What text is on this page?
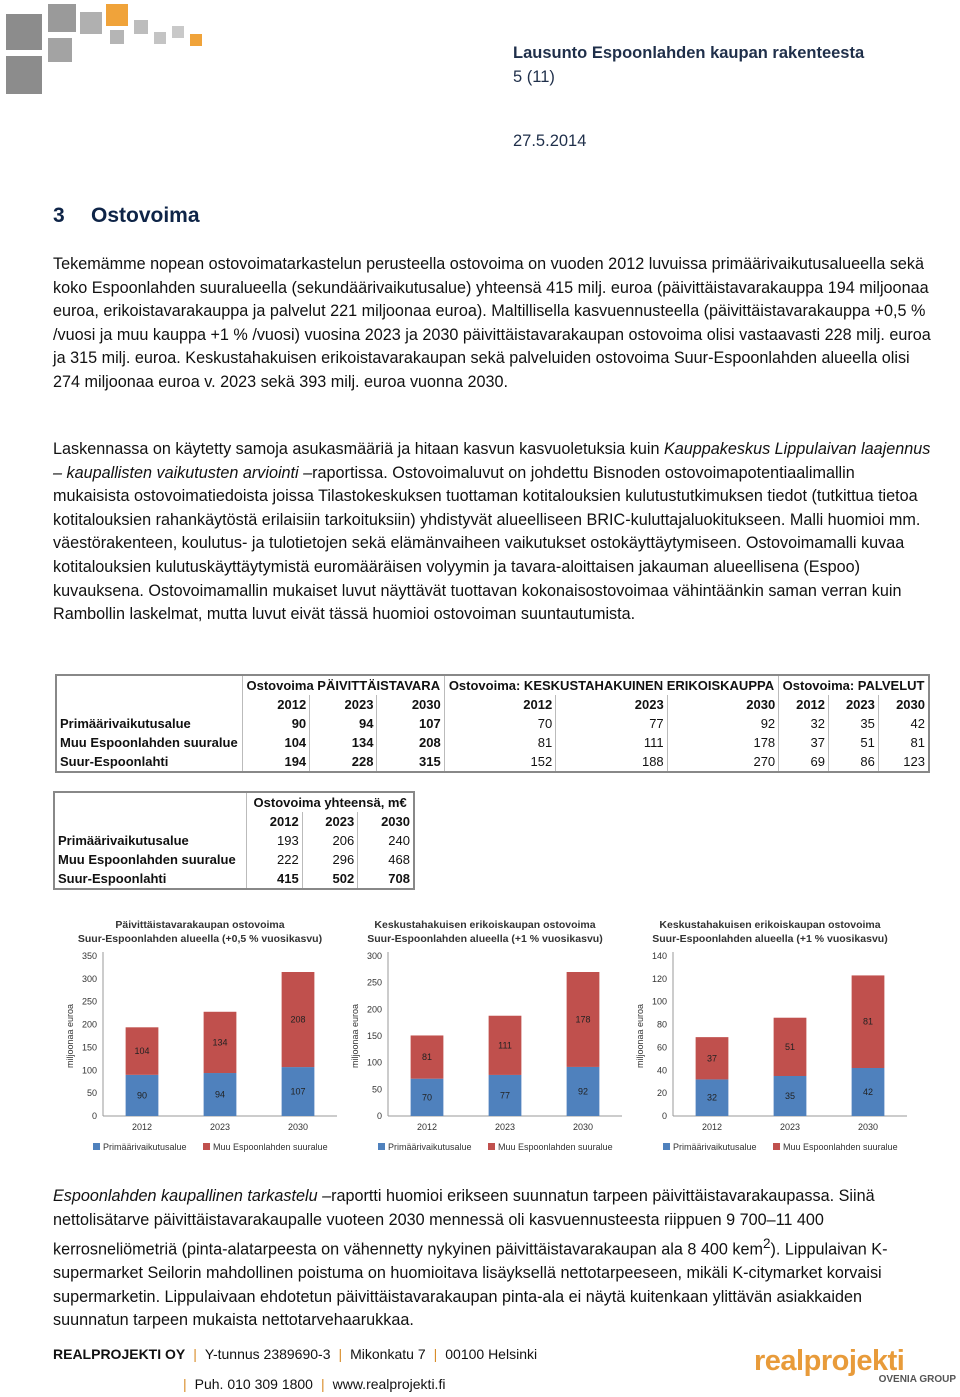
Lausunto Espoonlahden kaupan rakenteesta
5 (11)
27.5.2014
3 Ostovoima

Tekemämme nopean ostovoimatarkastelun perusteella ostovoima on vuoden 2012 luvuissa primäärivaikutusalueella sekä koko Espoonlahden suuralueella (sekundäärivaikutusalue) yhteensä 415 milj. euroa (päivittäistavarakauppa 194 miljoonaa euroa, erikoistavarakauppa ja palvelut 221 miljoonaa euroa). Maltillisella kasvuennusteella (päivittäistavarakauppa +0,5 % /vuosi ja muu kauppa +1 % /vuosi) vuosina 2023 ja 2030 päivittäistavarakaupan ostovoima olisi vastaavasti 228 milj. euroa ja 315 milj. euroa. Keskustahakuisen erikoistavarakaupan sekä palveluiden ostovoima Suur-Espoonlahden alueella olisi 274 miljoonaa euroa v. 2023 sekä 393 milj. euroa vuonna 2030.

Laskennassa on käytetty samoja asukasmääriä ja hitaan kasvun kasvuoletuksia kuin Kauppakeskus Lippulaivan laajennus – kaupallisten vaikutusten arviointi –raportissa. Ostovoimaluvut on johdettu Bisnoden ostovoimapotentiaalimallin mukaisista ostovoimatiedoista joissa Tilastokeskuksen tuottaman kotitalouksien kulutustutkimuksen tiedot (tutkittua tietoa kotitalouksien rahankäytöstä erilaisiin tarkoituksiin) yhdistyvät alueelliseen BRIC-kuluttajaluokitukseen. Malli huomioi mm. väestörakenteen, koulutus- ja tulotietojen sekä elämänvaiheen vaikutukset ostokäyttäytymiseen. Ostovoimamalli kuvaa kotitalouksien kulutuskäyttäytymistä euromääräisen volyymin ja tavara-aloittaisen jakauman alueellisena (Espoo) kuvauksena. Ostovoimamallin mukaiset luvut näyttävät tuottavan kokonaisostovoimaa vähintäänkin saman verran kuin Rambollin laskelmat, mutta luvut eivät tässä huomioi ostovoiman suuntautumista.

	Ostovoima PÄIVITTÄISTAVARA			Ostovoima: KESKUSTAHAKUINEN ERIKOISKAUPPA			Ostovoima: PALVELUT		
	2012	2023	2030	2012	2023	2030	2012	2023	2030
Primäärivaikutusalue	90	94	107	70	77	92	32	35	42
Muu Espoonlahden suuralue	104	134	208	81	111	178	37	51	81
Suur-Espoonlahti	194	228	315	152	188	270	69	86	123
	Ostovoima yhteensä, m€		
	2012	2023	2030
Primäärivaikutusalue	193	206	240
Muu Espoonlahden suuralue	222	296	468
Suur-Espoonlahti	415	502	708
Päivittäistavarakaupan ostovoima
Suur-Espoonlahden alueella (+0,5 % vuosikasvu)
miljoonaa euroa
0
50
100
150
200
250
300
350
90
104
2012
94
134
2023
107
208
2030
Primäärivaikutusalue	Muu Espoonlahden suuralue
Keskustahakuisen erikoiskaupan ostovoima
Suur-Espoonlahden alueella (+1 % vuosikasvu)
miljoonaa euroa
0
50
100
150
200
250
300
70
81
2012
77
111
2023
92
178
2030
Primäärivaikutusalue	Muu Espoonlahden suuralue
Keskustahakuisen erikoiskaupan ostovoima
Suur-Espoonlahden alueella (+1 % vuosikasvu)
miljoonaa euroa
0
20
40
60
80
100
120
140
32
37
2012
35
51
2023
42
81
2030
Primäärivaikutusalue	Muu Espoonlahden suuralue

Espoonlahden kaupallinen tarkastelu –raportti huomioi erikseen suunnatun tarpeen päivittäistavarakaupassa. Siinä nettolisätarve päivittäistavarakaupalle vuoteen 2030 mennessä oli kasvuennusteesta riippuen 9 700–11 400 kerrosneliömetriä (pinta-alatarpeesta on vähennetty nykyinen päivittäistavarakaupan ala 8 400 kem$^2$). Lippulaivan K-supermarket Seilorin mahdollinen poistuma on huomioitava lisäyksellä nettotarpeeseen, mikäli K-citymarket korvaisi supermarketin. Lippulaivaan ehdotetun päivittäistavarakaupan pinta-ala ei näytä kuitenkaan ylittävän asiakkaiden suunnatun tarpeen mukaista nettotarvehaarukkaa.

REALPROJEKTI OY | Y-tunnus 2389690-3 | Mikonkatu 7 | 00100 Helsinki
| Puh. 010 309 1800 | www.realprojekti.fi
realprojekti
OVENIA GROUP
